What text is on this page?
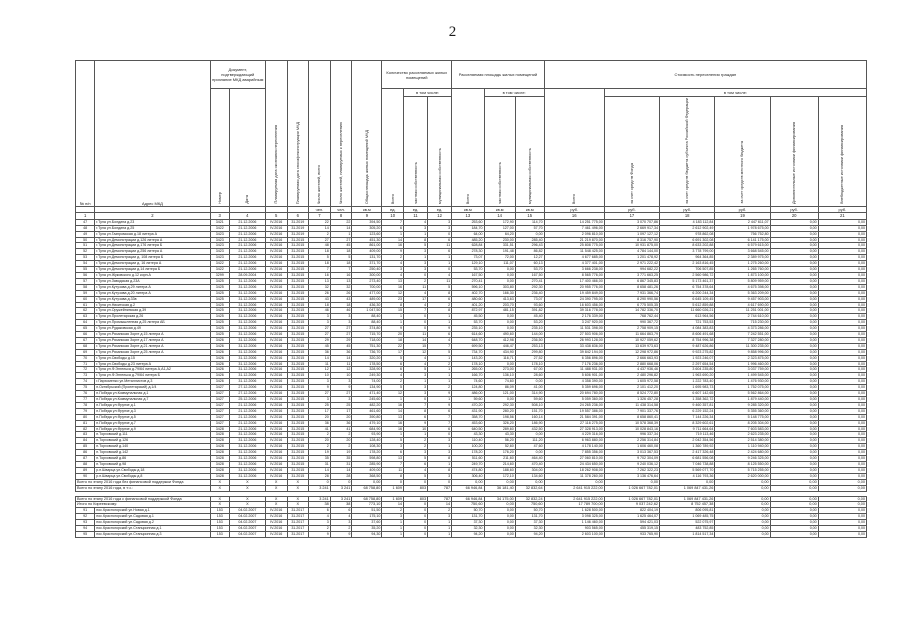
2
№ п/п	Адрес МКД	Документ, подтверждающий признание МКД аварийным		Планируемая дата окончания переселения	Планируемая дата сноса/реконструкции МКД	Число жителей, всего	Число жителей, планируемых к переселению	Общая площадь жилых помещений МКД	Количество расселяемых жилых помещений			Расселяемая площадь жилых помещений			Стоимость переселения граждан					
		Номер	Дата						Всего	в том числе:		Всего	в том числе:		Всего	в том числе:				
										частная собственность	муниципальная собственность		частная собственность	муниципальная собственность		за счет средств Фонда	за счет средств бюджета субъекта Российской Федерации	за счет средств местного бюджета	Дополнительные источники финансирования	Внебюджетные источники финансирования
						чел.	чел.	кв.м	ед.	ед.	ед.	кв.м	кв.м	кв.м	руб.	руб.	руб.	руб.	руб.	руб.
1	2	3	4	5	6	7	8	9	10	11	12	13	14	15	16	17	18	19	20	21
47	г.Тула ул.Болдина д.23	3421	21.12.2006	IV.2016	31.2019	22	22	394,50	7	4	3	253,60	172,90	114,70	14 251 775,00	3 070 707,86	4 183 112,84	2 447 611,07	0,00	0,00
48	г.Тула ул.Болдина д.25	3422	21.12.2006	IV.2016	31.2019	14	14	305,20	6	3	3	184,70	127,00	57,70	7 461 496,00	2 669 917,34	2 612 902,49	1 978 675,00	0,00	0,00
49	г.Тула ул.Газпромская д.18 литера А	3423	21.12.2006	IV.2016	31.2019	2	1	123,60	1	1	0	64,00	64,20	0,00	2 096 810,00	1 097 127,12	978 862,08	756 752,80	0,00	0,00
50	г.Тула ул.Демонстрации д.126 литера А	3423	21.12.2006	IV.2016	31.2015	27	27	451,30	14	8	6	485,20	230,00	285,40	21 219 870,00	8 316 757,90	6 691 302,08	6 141 175,00	0,00	0,00
51	г.Тула ул.Демонстрации д.176 литера Б	3423	21.12.2006	IV.2016	31.2015	48	45	861,00	16	5	11	628,84	331,51	296,43	25 808 775,00	10 931 875,00	8 633 202,88	6 579 615,00	0,00	0,00
52	г.Тула ул.Демонстрации д.256 литера А	3423	21.12.2006	IV.2016	31.2015	18	18	409,00	9	3	6	278,30	191,48	86,82	11 548 425,00	4 784 144,00	3 778 799,00	3 668 545,00	0,00	0,00
53	г.Тула ул.Демонстрации д. 108 литера Б	3423	21.12.2006	IV.2016	31.2015	5	5	131,70	2	1	1	73,07	72,00	12,27	4 677 685,00	1 201 478,92	964 364,85	2 389 975,00	0,00	0,00
54	г.Тула ул.Демонстрации д. 16 литера А	3422	21.12.2006	IV.2016	31.2015	18	18	371,70	4	3	1	129,10	111,07	60,13	4 377 401,00	2 971 222,42	2 163 816,45	1 275 260,00	0,00	0,00
55	г.Тула ул.Демонстрации д.14 литера Б	3422	21.12.2006	IV.2016	31.2015	7	7	250,40	3	3	0	53,70	0,00	53,70	3 666 238,00	994 682,22	706 507,85	1 265 760,00	0,00	0,00
56	г.Тула ул.Жуковского д.12 корп.А	3299	28.09.2004	IV.2016	31.2015	16	16	300,00	4	0	4	167,50	0,00	167,50	8 565 776,00	3 771 663,25	2 560 986,72	1 873 100,00	0,00	0,00
57	г.Тула ул.Заводская д.23А	3425	31.12.2006	IV.2016	31.2015	13	13	273,40	13	2	11	270,41	0,00	270,41	17 400 466,00	6 867 345,83	5 173 461,37	5 809 959,00	0,00	0,00
58	г.Тула ул.Кутузова д.29 литера А	3425	31.12.2006	IV.2016	31.2015	32	32	700,00	16	11	5	596,10	303,80	292,30	20 955 776,00	8 658 481,26	6 754 378,64	4 675 398,00	0,00	0,00
59	г.Тула ул.Кутузова д.20 литера А	3425	31.12.2006	IV.2016	31.2015	26	26	477,00	12	4	8	402,70	166,30	236,40	19 459 849,00	7 931 366,74	6 200 244,34	5 363 209,00	0,00	0,00
60	г.Тула ул.Кутузова д.33в	3425	31.12.2006	IV.2016	31.2015	43	43	489,00	23	17	6	480,60	413,63	73,07	24 390 795,00	8 290 990,56	6 645 109,45	9 457 903,00	0,00	0,00
61	г.Тула ул.Никитская д.2	3425	31.12.2006	IV.2016	31.2015	18	18	436,30	8	4	2	401,20	203,70	93,60	16 603 456,00	6 775 505,35	5 612 859,88	4 617 690,00	0,00	0,00
62	г.Тула ул.Оружейнинская д.39	3425	31.12.2006	IV.2016	31.2015	46	46	1 047,50	15	7	8	872,97	481,15	391,82	39 316 778,00	14 782 336,70	11 660 026,21	11 251 001,00	0,00	0,00
63	г.Тула ул.Пролетарская д.26	3425	31.12.2006	IV.2016	31.2015	3	3	88,40	1	0	1	45,50	0,00	45,40	2 176 339,00	768 762,44	613 964,56	2 744 610,00	0,00	0,00
64	г.Тула ул.Промышленная д.25 литера АБ	3425	31.12.2006	IV.2016	31.2015	3	3	88,40	1	0	1	53,70	0,00	53,20	3 247 920,00	990 367,72	721 753,53	715 230,00	0,00	0,00
65	г.Тула ул.Рудаковская д.49	3425	31.12.2006	IV.2016	31.2015	27	27	374,80	9	0	9	235,10	0,00	235,10	11 531 398,00	2 758 909,15	4 084 383,83	4 373 286,00	0,00	0,00
66	г.Тула ул.Рязанская Зорге д.15 литера А	3425	31.12.2006	IV.2016	31.2015	27	27	715,70	20	11	6	614,60	490,60	144,00	27 503 906,00	11 664 863,79	8 606 491,68	7 242 551,00	0,00	0,00
67	г.Тула ул.Рязанская Зорге д.17 литера А	3426	31.12.2006	IV.2016	31.2015	29	29	718,00	18	14	4	648,70	412,98	236,50	26 993 128,00	10 927 059,62	8 754 996,38	7 327 280,00	0,00	0,00
68	г.Тула ул.Рязанская Зорге д.21 литера А	3426	31.12.2006	IV.2016	31.2015	45	45	751,30	22	15	7	699,50	446,47	253,13	33 438 836,00	13 639 973,63	9 487 626,86	11 300 235,00	0,00	0,00
69	г.Тула ул.Рязанская Зорге д.25 литера А	3426	31.12.2006	IV.2016	31.2015	36	36	736,70	17	12	5	734,70	434,90	299,80	39 842 194,00	12 298 972,86	9 923 275,82	9 858 996,00	0,00	0,00
70	г.Тула ул.Свободы д.15	3426	31.12.2006	IV.2016	31.2015	14	14	320,20	5	4	1	143,20	116,71	27,52	6 356 896,00	2 666 663,93	1 923 246,07	2 323 875,00	0,00	0,00
71	г.Тула ул.Свободы д.23 литера А	3426	31.12.2006	IV.2016	31.2015	11	11	178,50	6	4	2	178,10	0,00	178,10	7 176 236,00	2 880 668,06	2 297 654,54	1 996 460,00	0,00	0,00
72	г.Тула ул.Ф.Энгельса д.79/64 литера А,А1,А2	3426	31.12.2006	IV.2016	31.2015	12	12	328,90	6	5	1	265,00	273,00	67,00	11 488 931,00	4 437 936,46	3 604 235,80	3 037 759,00	0,00	0,00
73	г.Тула ул.Ф.Энгельса д.79/64 литера Б	3426	31.12.2006	IV.2016	31.2015	10	10	249,30	4	3	1	166,70	136,10	28,60	5 606 901,00	2 480 296,82	1 963 690,20	1 499 545,00	0,00	0,00
74	г.Пархоменко ул.Металлистов д.3	3426	31.12.2006	IV.2016	31.2015	3	3	74,00	2	1	1	74,60	74,60	0,00	4 358 390,00	1 605 972,58	1 222 783,40	1 476 930,00	0,00	0,00
75	п.Октябрьский (Пролетарский) д.1/4	3427	27.12.2006	IV.2016	31.2015	9	9	134,90	5	3	2	124,80	86,09	41,00	5 359 696,00	2 101 412,20	1 695 983,73	1 752 075,00	0,00	0,00
76	п.Победа ул.Коммунальная д.1	3427	27.12.2006	IV.2016	31.2015	27	27	471,40	12	3	9	486,00	121,00	314,90	20 694 780,00	8 524 772,80	6 607 142,65	5 562 864,00	0,00	0,00
77	п.Победа ул.Коммунальная д.7	3427	25.12.2006	IV.2016	31.2015	3	3	245,60	1	0	1	59,60	0,00	59,60	5 059 360,00	1 326 457,28	1 358 362,72	1 879 440,00	0,00	0,00
78	п.Победа ул.Фрунзе д.1	3427	21.12.2006	IV.2016	31.2015	25	25	482,20	16	7	9	470,20	292,30	508,10	24 265 236,00	11 438 314,58	9 460 357,81	9 285 320,00	0,00	0,00
79	п.Победа ул.Фрунзе д.3	3427	21.12.2006	IV.2016	31.2015	17	17	461,60	14	8	6	431,90	280,20	151,70	19 557 386,00	7 901 337,76	6 229 152,24	5 355 360,00	0,00	0,00
80	п.Победа ул.Фрунзе д.5	3427	21.12.2006	IV.2016	31.2015	20	20	390,80	13	6	7	358,70	198,56	160,14	21 584 391,00	8 658 860,41	7 144 226,34	5 148 775,00	0,00	0,00
81	п.Победа ул.Фрунзе д.7	3427	21.12.2006	IV.2016	31.2015	36	36	479,10	16	9	7	453,60	326,20	186,90	27 116 275,00	10 578 368,39	8 329 602,61	8 205 304,00	0,00	0,00
82	п.Победа ул.Фрунзе д.9	3428	21.12.2006	IV.2016	31.2015	41	41	684,90	16	10	6	640,50	289,60	432,50	27 328 913,00	10 028 843,16	9 711 664,64	7 603 583,00	0,00	0,00
83	п.Торховский д.111	3428	31.12.2006	IV.2016	31.2015	2	2	93,90	1	1	0	43,30	43,30	0,00	4 229 316,00	996 337,34	719 113,46	2 623 235,00	0,00	0,00
84	п.Торховский д.126	3428	31.12.2006	IV.2016	31.2015	20	20	128,40	5	2	3	110,40	56,20	111,20	6 963 880,00	2 256 314,84	2 042 354,56	2 514 380,00	0,00	0,00
85	п.Торховский д.140	3428	31.12.2006	IV.2016	31.2015	2	2	108,30	3	2	1	100,20	52,60	47,60	4 178 140,00	1 606 460,08	1 360 789,92	1 110 940,00	0,00	0,00
86	п.Торховский д.142	3428	31.12.2006	IV.2016	31.2015	19	19	178,20	6	3	3	178,20	176,20	0,00	7 855 356,00	3 013 367,53	2 417 326,48	2 424 680,00	0,00	0,00
87	п.Торховский д.86	3428	31.12.2006	IV.2016	31.2015	35	35	598,80	13	5	8	511,60	211,60	464,40	27 060 810,00	9 702 304,09	6 681 556,08	9 246 325,00	0,00	0,00
88	п.Торховский д.98	3428	31.12.2006	IV.2016	31.2015	31	31	285,90	7	6	1	249,70	214,60	470,40	24 434 650,00	9 240 036,12	7 046 738,88	8 125 550,00	0,00	0,00
89	р.п.Шварца ул.Свободы д.18	3428	31.12.2006	IV.2016	31.2015	14	14	409,00	11	4	8	474,80	188,60	304,00	18 262 908,00	7 262 322,23	5 569 077,70	5 715 255,00	0,00	0,00
90	р.п.Шварца ул.Свободы д.8	3428	31.12.2006	IV.2016	31.2015	28	28	368,50	8	5	3	306,40	172,10	134,60	11 378 260,00	3 136 476,64	4 116 793,36	2 620 000,00	0,00	0,00
Всего по этапу 2016 года без финансовой поддержки Фонда		X	X	X	X	0	0	0,00	0	0	0	0,00	0,00	0,00	0,00	0,00	0,00	0,00	0,00	0,00
Всего по этапу 2016 года, в т.ч.:		X	X	X	X	3 241	3 241	68 758,80	1 609	803	787	66 946,84	36 181,40	32 832,64	2 641 915 222,00	1 026 667 782,01	1 069 847 431,26	0,00	0,00	0,00

Всего по этапу 2016 года с финансовой поддержкой Фонда		X	X	X	X	3 241	3 241	68 758,80	1 609	803	787	66 946,84	34 175,00	32 832,24	2 641 915 222,00	1 026 667 782,01	1 069 847 431,26	0,00	0,00	0,00
Итого по Киреевскому:		X	X	X	X	38	38	773,10	14	0	14	750,60	0,00	750,60	17 789 700,00	9 037 242,62	8 752 457,38	0,00	0,00	0,00
91	пос.Красногорский ул.Новая д.1	153	04.02.2007	IV.2016	31.2017	6	6	51,50	2	0	2	50,70	0,00	50,70	1 628 500,00	822 404,19	806 095,81	0,00	0,00	0,00
92	пос.Красногорский ул.Садовая д.1	153	04.02.2007	IV.2016	31.2017	4	4	175,10	3	0	3	131,70	0,00	131,70	3 098 325,00	1 625 464,07	1 069 485,75	0,00	0,00	0,00
93	пос.Красногорский ул.Садовая д.2	153	04.02.2007	IV.2016	31.2017	3	3	37,60	1	0	1	37,30	0,00	37,30	1 146 460,00	594 421,03	522 075,97	0,00	0,00	0,00
94	пос.Красногорский ул.Станционная д.1	153	04.02.2007	IV.2016	31.2017	2	2	35,20	1	0	1	32,30	0,00	32,30	903 565,00	455 319,15	483 752,85	0,00	0,00	0,00
95	пос.Красногорский ул.Станционная д.3	153	04.02.2007	IV.2016	31.2017	9	9	94,30	1	0	1	94,20	0,00	94,20	2 603 100,00	933 765,90	1 814 517,34	0,00	0,00	0,00
